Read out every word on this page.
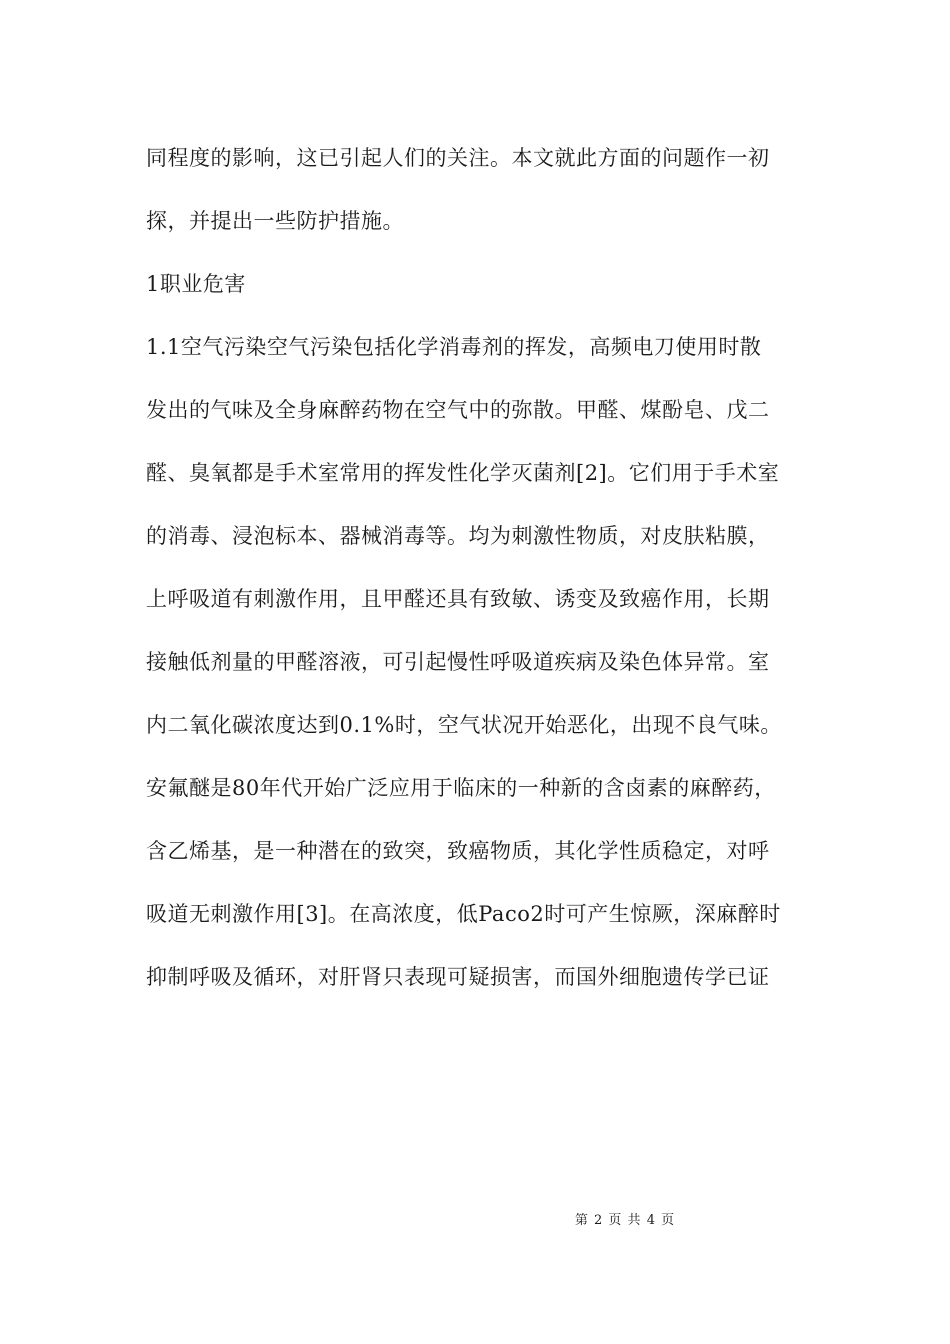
同程度的影响，这已引起人们的关注。本文就此方面的问题作一初
探，并提出一些防护措施。
1职业危害
1.1空气污染空气污染包括化学消毒剂的挥发，高频电刀使用时散
发出的气味及全身麻醉药物在空气中的弥散。甲醛、煤酚皂、戊二
醛、臭氧都是手术室常用的挥发性化学灭菌剂[2]。它们用于手术室
的消毒、浸泡标本、器械消毒等。均为刺激性物质，对皮肤粘膜，
上呼吸道有刺激作用，且甲醛还具有致敏、诱变及致癌作用，长期
接触低剂量的甲醛溶液，可引起慢性呼吸道疾病及染色体异常。室
内二氧化碳浓度达到0.1%时，空气状况开始恶化，出现不良气味。
安氟醚是80年代开始广泛应用于临床的一种新的含卤素的麻醉药，
含乙烯基，是一种潜在的致突，致癌物质，其化学性质稳定，对呼
吸道无刺激作用[3]。在高浓度，低Paco2时可产生惊厥，深麻醉时
抑制呼吸及循环，对肝肾只表现可疑损害，而国外细胞遗传学已证
第 2 页 共 4 页
